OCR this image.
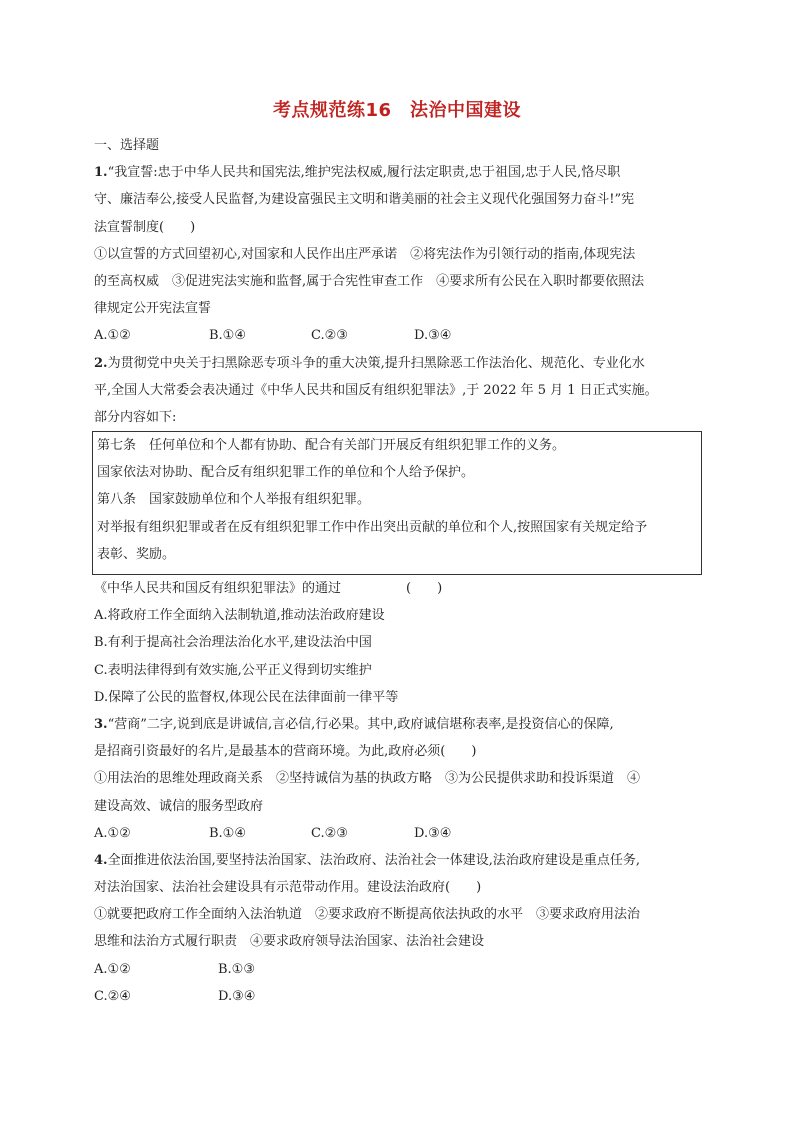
考点规范练16　法治中国建设
一、选择题
1.“我宣誓:忠于中华人民共和国宪法,维护宪法权威,履行法定职责,忠于祖国,忠于人民,恪尽职
守、廉洁奉公,接受人民监督,为建设富强民主文明和谐美丽的社会主义现代化强国努力奋斗!”宪
法宣誓制度(　　)
①以宣誓的方式回望初心,对国家和人民作出庄严承诺　②将宪法作为引领行动的指南,体现宪法
的至高权威　③促进宪法实施和监督,属于合宪性审查工作　④要求所有公民在入职时都要依照法
律规定公开宪法宣誓
A.①②	B.①④	C.②③	D.③④
2.为贯彻党中央关于扫黑除恶专项斗争的重大决策,提升扫黑除恶工作法治化、规范化、专业化水
平,全国人大常委会表决通过《中华人民共和国反有组织犯罪法》,于 2022 年 5 月 1 日正式实施。
部分内容如下:
第七条　任何单位和个人都有协助、配合有关部门开展反有组织犯罪工作的义务。
国家依法对协助、配合反有组织犯罪工作的单位和个人给予保护。
第八条　国家鼓励单位和个人举报有组织犯罪。
对举报有组织犯罪或者在反有组织犯罪工作中作出突出贡献的单位和个人,按照国家有关规定给予
表彰、奖励。
《中华人民共和国反有组织犯罪法》的通过　　　　　(　　)
A.将政府工作全面纳入法制轨道,推动法治政府建设
B.有利于提高社会治理法治化水平,建设法治中国
C.表明法律得到有效实施,公平正义得到切实维护
D.保障了公民的监督权,体现公民在法律面前一律平等
3.“营商”二字,说到底是讲诚信,言必信,行必果。其中,政府诚信堪称表率,是投资信心的保障,
是招商引资最好的名片,是最基本的营商环境。为此,政府必须(　　)
①用法治的思维处理政商关系　②坚持诚信为基的执政方略　③为公民提供求助和投诉渠道　④
建设高效、诚信的服务型政府
A.①②	B.①④	C.②③	D.③④
4.全面推进依法治国,要坚持法治国家、法治政府、法治社会一体建设,法治政府建设是重点任务,
对法治国家、法治社会建设具有示范带动作用。建设法治政府(　　)
①就要把政府工作全面纳入法治轨道　②要求政府不断提高依法执政的水平　③要求政府用法治
思维和法治方式履行职责　④要求政府领导法治国家、法治社会建设
A.①②	B.①③
C.②④	D.③④
